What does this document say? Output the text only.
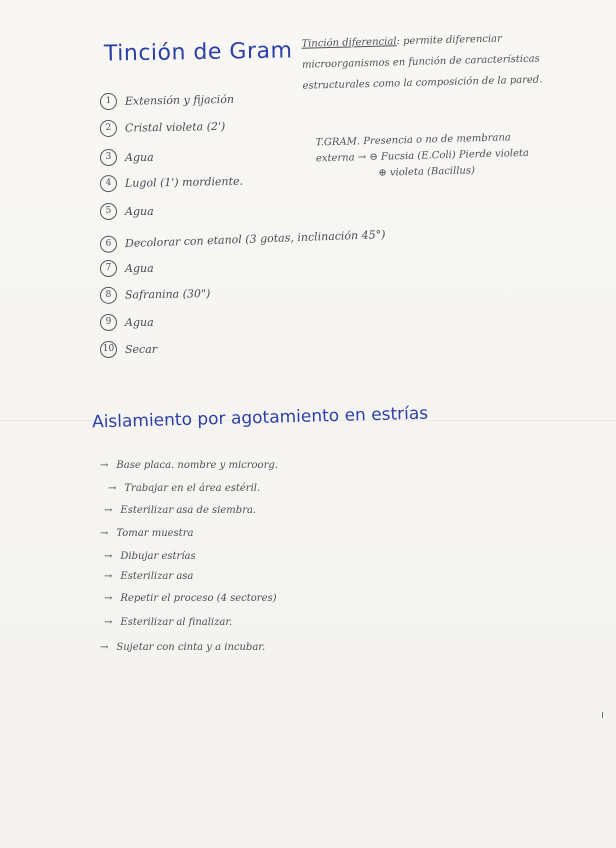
Tinción de Gram
1 Extensión y fijación
2 Cristal violeta (2')
3 Agua
4 Lugol (1') mordiente.
5 Agua
6 Decolorar con etanol (3 gotas, inclinación 45°)
7 Agua
8 Safranina (30")
9 Agua
10 Secar
Tinción diferencial: permite diferenciar microorganismos en función de características estructurales como la composición de la pared.
T.GRAM. Presencia o no de membrana
externa → ⊖ Fucsia (E.Coli) Pierde violeta
⊕ violeta (Bacillus)
Aislamiento por agotamiento en estrías
→ Base placa. nombre y microorg.
→ Trabajar en el área estéril.
→ Esterilizar asa de siembra.
→ Tomar muestra
→ Dibujar estrías
→ Esterilizar asa
→ Repetir el proceso (4 sectores)
→ Esterilizar al finalizar.
→ Sujetar con cinta y a incubar.
